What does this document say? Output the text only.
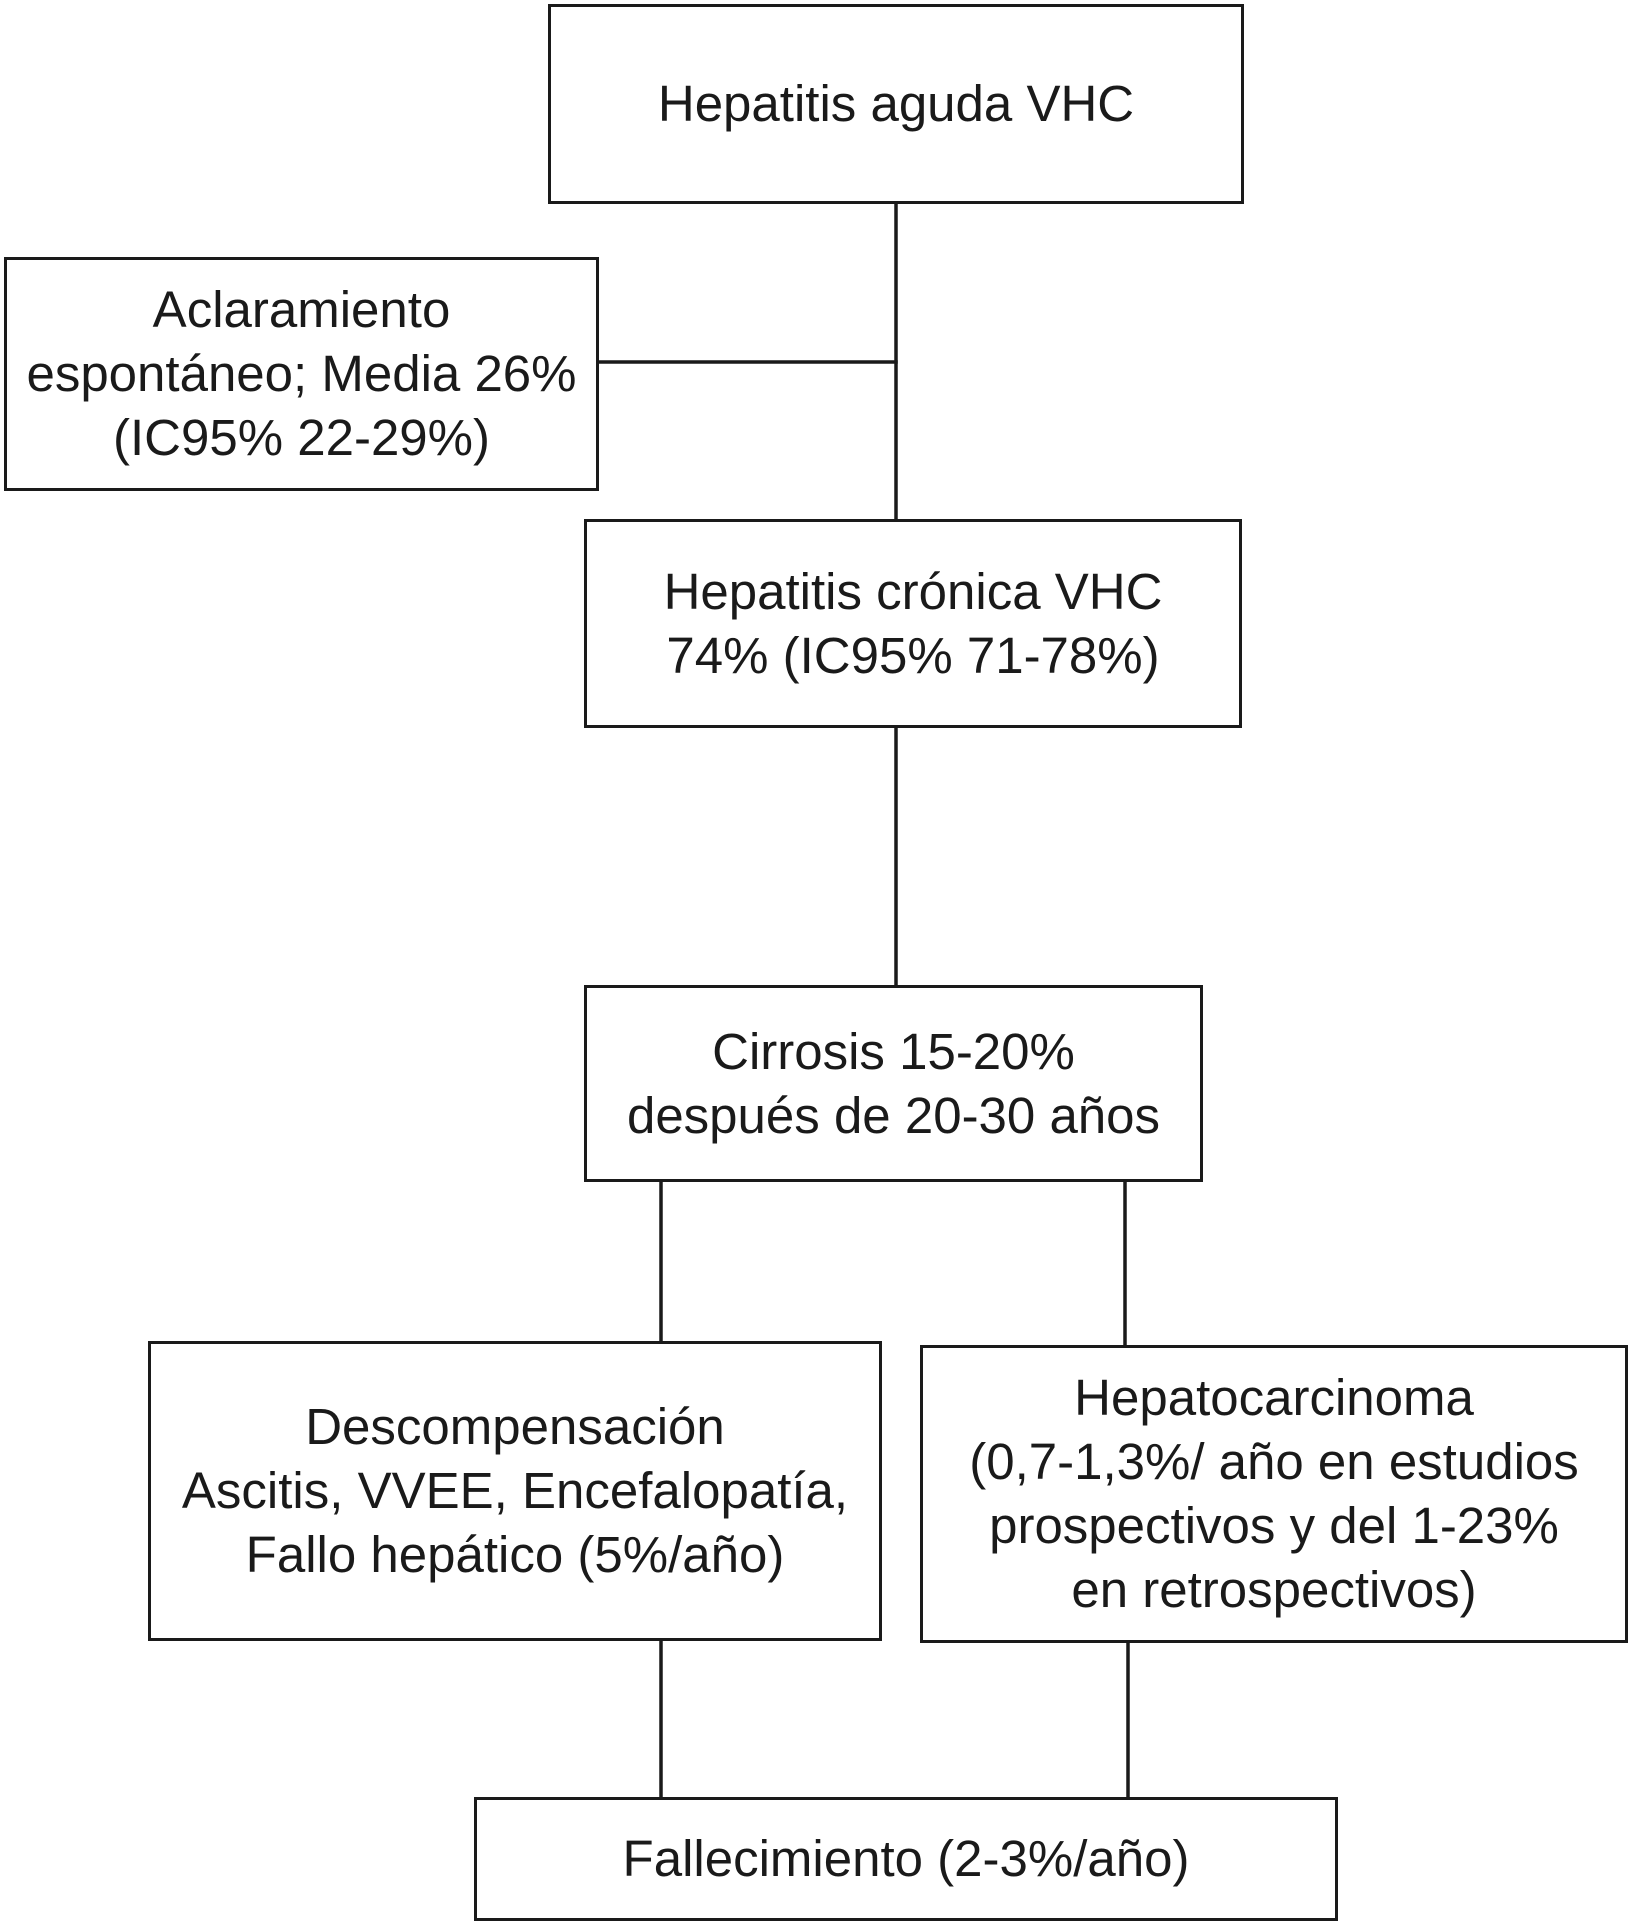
Hepatitis aguda VHC
Aclaramiento
espontáneo; Media 26%
(IC95% 22-29%)
Hepatitis crónica VHC
74% (IC95% 71-78%)
Cirrosis 15-20%
después de 20-30 años
Descompensación
Ascitis, VVEE, Encefalopatía,
Fallo hepático (5%/año)
Hepatocarcinoma
(0,7-1,3%/ año en estudios
prospectivos y del 1-23%
en retrospectivos)
Fallecimiento (2-3%/año)
